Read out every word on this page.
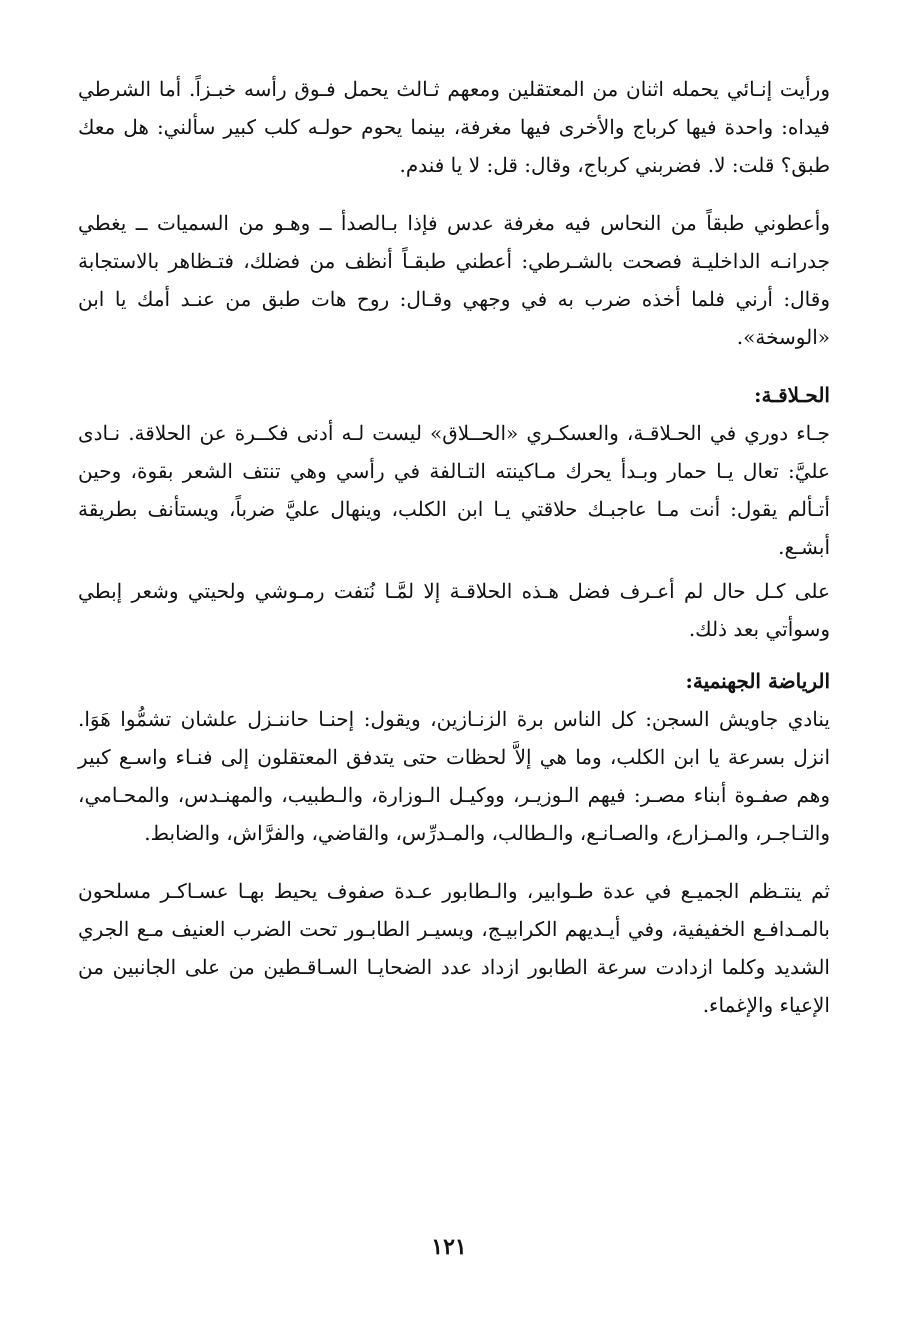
ورأيت إنـائي يحمله اثنان من المعتقلين ومعهم ثـالث يحمل فـوق رأسه خبـزاً. أما الشرطي فيداه: واحدة فيها كرباج والأخرى فيها مغرفة، بينما يحوم حولـه كلب كبير سألني: هل معك طبق؟ قلت: لا. فضربني كرباج، وقال: قل: لا يا فندم.

وأعطوني طبقاً من النحاس فيه مغرفة عدس فإذا بـالصدأ ــ وهـو من السميات ــ يغطي جدرانـه الداخليـة فصحت بالشـرطي: أعطني طبقـاً أنظف من فضلك، فتـظاهر بالاستجابة وقال: أرني فلما أخذه ضرب به في وجهي وقـال: روح هات طبق من عنـد أمك يا ابن «الوسخة».

الحـلاقـة:

جـاء دوري في الحـلاقـة، والعسكـري «الحــلاق» ليست لـه أدنى فكــرة عن الحلاقة. نـادى عليَّ: تعال يـا حمار وبـدأ يحرك مـاكينته التـالفة في رأسي وهي تنتف الشعر بقوة، وحين أتـألم يقول: أنت مـا عاجبـك حلاقتي يـا ابن الكلب، وينهال عليَّ ضرباً، ويستأنف بطريقة أبشـع.

على كـل حال لم أعـرف فضل هـذه الحلاقـة إلا لمَّـا نُتفت رمـوشي ولحيتي وشعر إبطي وسوأتي بعد ذلك.

الرياضة الجهنمية:

ينادي جاويش السجن: كل الناس برة الزنـازين، ويقول: إحنـا حاننـزل علشان تشمُّوا هَوَا. انزل بسرعة يا ابن الكلب، وما هي إلاَّ لحظات حتى يتدفق المعتقلون إلى فنـاء واسـع كبير وهم صفـوة أبناء مصـر: فيهم الـوزيـر، ووكيـل الـوزارة، والـطبيب، والمهنـدس، والمحـامي، والتـاجـر، والمـزارع، والصـانـع، والـطالب، والمـدرِّس، والقاضي، والفرَّاش، والضابط.

ثم ينتـظم الجميـع في عدة طـوابير، والـطابور عـدة صفوف يحيط بهـا عسـاكـر مسلحون بالمـدافـع الخفيفية، وفي أيـديهم الكرابيـج، ويسيـر الطابـور تحت الضرب العنيف مـع الجري الشديد وكلما ازدادت سرعة الطابور ازداد عدد الضحايـا السـاقـطين من على الجانبين من الإعياء والإغماء.

١٢١
